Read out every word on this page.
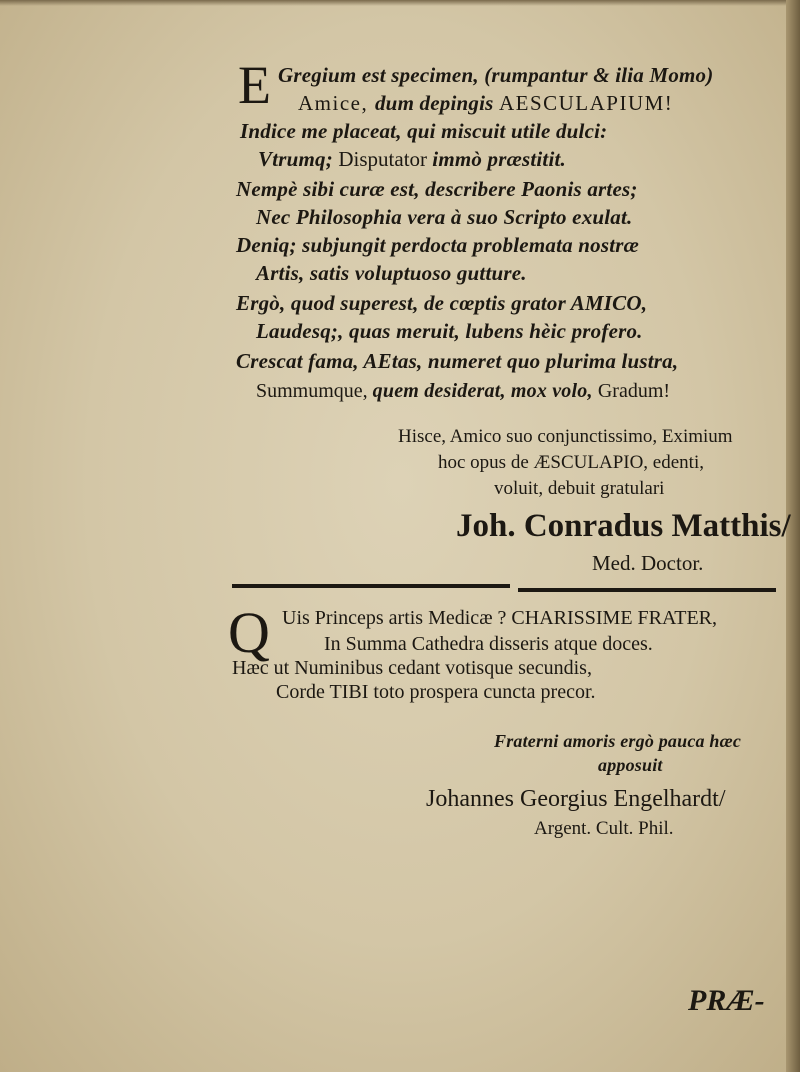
E Gregium est specimen, (rumpantur & ilia Momo)
Amice, dum depingis AESCULAPIUM!
Indice me placeat, qui miscuit utile dulci:
Vtrumq; Disputator immò præstitit.
Nempè sibi curæ est, describere Paonis artes;
Nec Philosophia vera à suo Scripto exulat.
Deniq; subjungit perdocta problemata nostræ
Artis, satis voluptuoso gutture.
Ergò, quod superest, de cœptis grator AMICO,
Laudesq;, quas meruit, lubens hèic profero.
Crescat fama, AEtas, numeret quo plurima lustra,
Summumque, quem desiderat, mox volo, Gradum!
Hisce, Amico suo conjunctissimo, Eximium
hoc opus de ÆSCULAPIO, edenti,
voluit, debuit gratulari
Joh. Conradus Matthis/
Med. Doctor.
Q Uis Princeps artis Medicæ ? CHARISSIME FRATER,
In Summa Cathedra disseris atque doces.
Hæc ut Numinibus cedant votisque secundis,
Corde TIBI toto prospera cuncta precor.
Fraterni amoris ergò pauca hæc
apposuit
Johannes Georgius Engelhardt/
Argent. Cult. Phil.
PRÆ-
